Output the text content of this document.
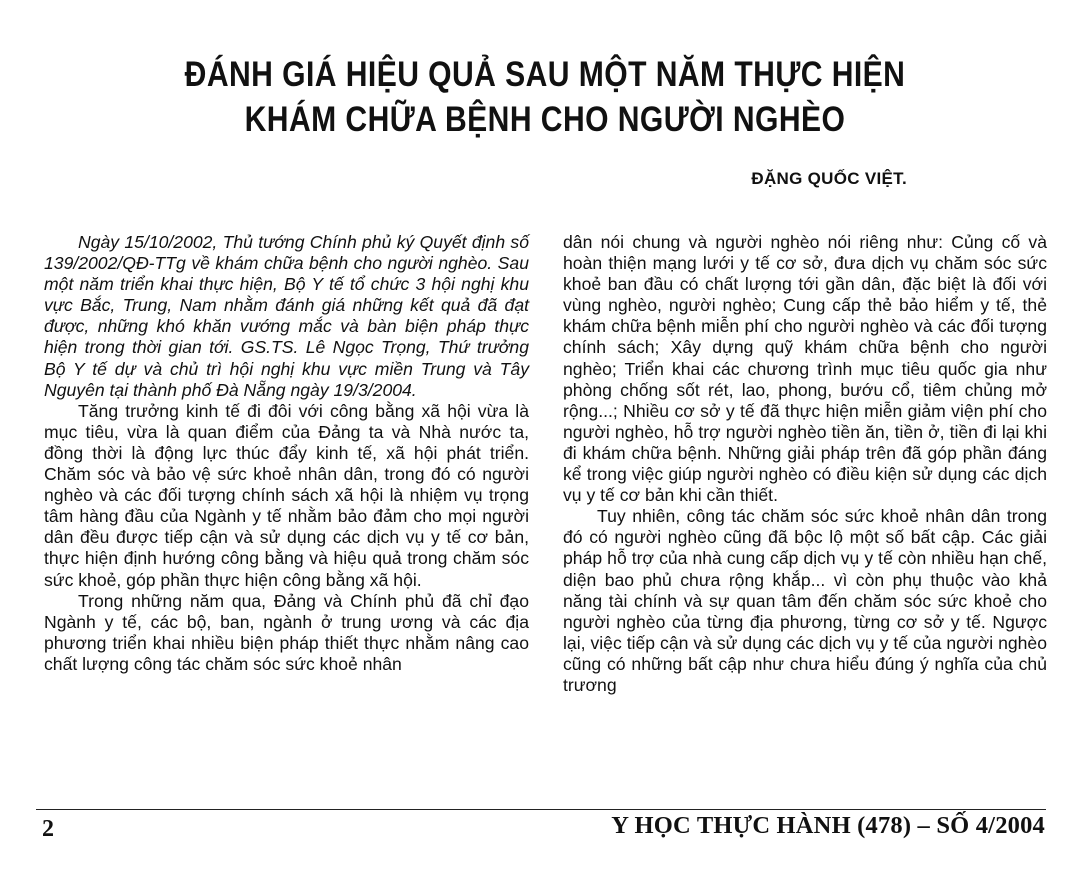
ĐÁNH GIÁ HIỆU QUẢ SAU MỘT NĂM THỰC HIỆN
KHÁM CHỮA BỆNH CHO NGƯỜI NGHÈO
ĐẶNG QUỐC VIỆT.

Ngày 15/10/2002, Thủ tướng Chính phủ ký Quyết định số 139/2002/QĐ-TTg về khám chữa bệnh cho người nghèo. Sau một năm triển khai thực hiện, Bộ Y tế tổ chức 3 hội nghị khu vực Bắc, Trung, Nam nhằm đánh giá những kết quả đã đạt được, những khó khăn vướng mắc và bàn biện pháp thực hiện trong thời gian tới. GS.TS. Lê Ngọc Trọng, Thứ trưởng Bộ Y tế dự và chủ trì hội nghị khu vực miền Trung và Tây Nguyên tại thành phố Đà Nẵng ngày 19/3/2004.

Tăng trưởng kinh tế đi đôi với công bằng xã hội vừa là mục tiêu, vừa là quan điểm của Đảng ta và Nhà nước ta, đồng thời là động lực thúc đẩy kinh tế, xã hội phát triển. Chăm sóc và bảo vệ sức khoẻ nhân dân, trong đó có người nghèo và các đối tượng chính sách xã hội là nhiệm vụ trọng tâm hàng đầu của Ngành y tế nhằm bảo đảm cho mọi người dân đều được tiếp cận và sử dụng các dịch vụ y tế cơ bản, thực hiện định hướng công bằng và hiệu quả trong chăm sóc sức khoẻ, góp phần thực hiện công bằng xã hội.

Trong những năm qua, Đảng và Chính phủ đã chỉ đạo Ngành y tế, các bộ, ban, ngành ở trung ương và các địa phương triển khai nhiều biện pháp thiết thực nhằm nâng cao chất lượng công tác chăm sóc sức khoẻ nhân

dân nói chung và người nghèo nói riêng như: Củng cố và hoàn thiện mạng lưới y tế cơ sở, đưa dịch vụ chăm sóc sức khoẻ ban đầu có chất lượng tới gần dân, đặc biệt là đối với vùng nghèo, người nghèo; Cung cấp thẻ bảo hiểm y tế, thẻ khám chữa bệnh miễn phí cho người nghèo và các đối tượng chính sách; Xây dựng quỹ khám chữa bệnh cho người nghèo; Triển khai các chương trình mục tiêu quốc gia như phòng chống sốt rét, lao, phong, bướu cổ, tiêm chủng mở rộng...; Nhiều cơ sở y tế đã thực hiện miễn giảm viện phí cho người nghèo, hỗ trợ người nghèo tiền ăn, tiền ở, tiền đi lại khi đi khám chữa bệnh. Những giải pháp trên đã góp phần đáng kể trong việc giúp người nghèo có điều kiện sử dụng các dịch vụ y tế cơ bản khi cần thiết.

Tuy nhiên, công tác chăm sóc sức khoẻ nhân dân trong đó có người nghèo cũng đã bộc lộ một số bất cập. Các giải pháp hỗ trợ của nhà cung cấp dịch vụ y tế còn nhiều hạn chế, diện bao phủ chưa rộng khắp... vì còn phụ thuộc vào khả năng tài chính và sự quan tâm đến chăm sóc sức khoẻ cho người nghèo của từng địa phương, từng cơ sở y tế. Ngược lại, việc tiếp cận và sử dụng các dịch vụ y tế của người nghèo cũng có những bất cập như chưa hiểu đúng ý nghĩa của chủ trương

2	Y HỌC THỰC HÀNH (478) – SỐ 4/2004
